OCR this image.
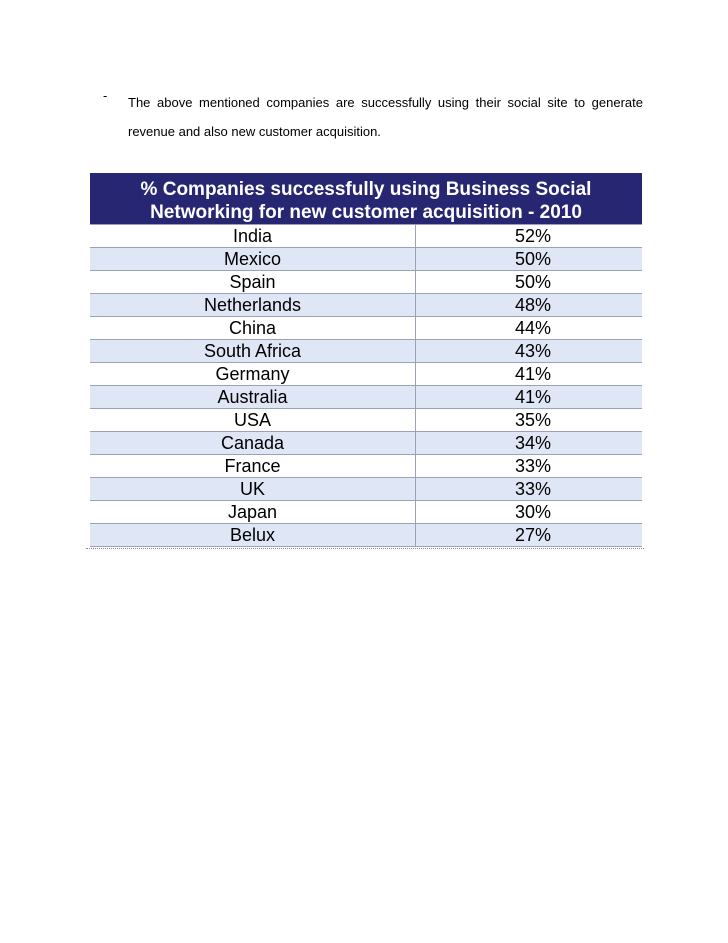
- The above mentioned companies are successfully using their social site to generate revenue and also new customer acquisition.

% Companies successfully using Business Social
Networking for new customer acquisition - 2010
India	52%
Mexico	50%
Spain	50%
Netherlands	48%
China	44%
South Africa	43%
Germany	41%
Australia	41%
USA	35%
Canada	34%
France	33%
UK	33%
Japan	30%
Belux	27%
